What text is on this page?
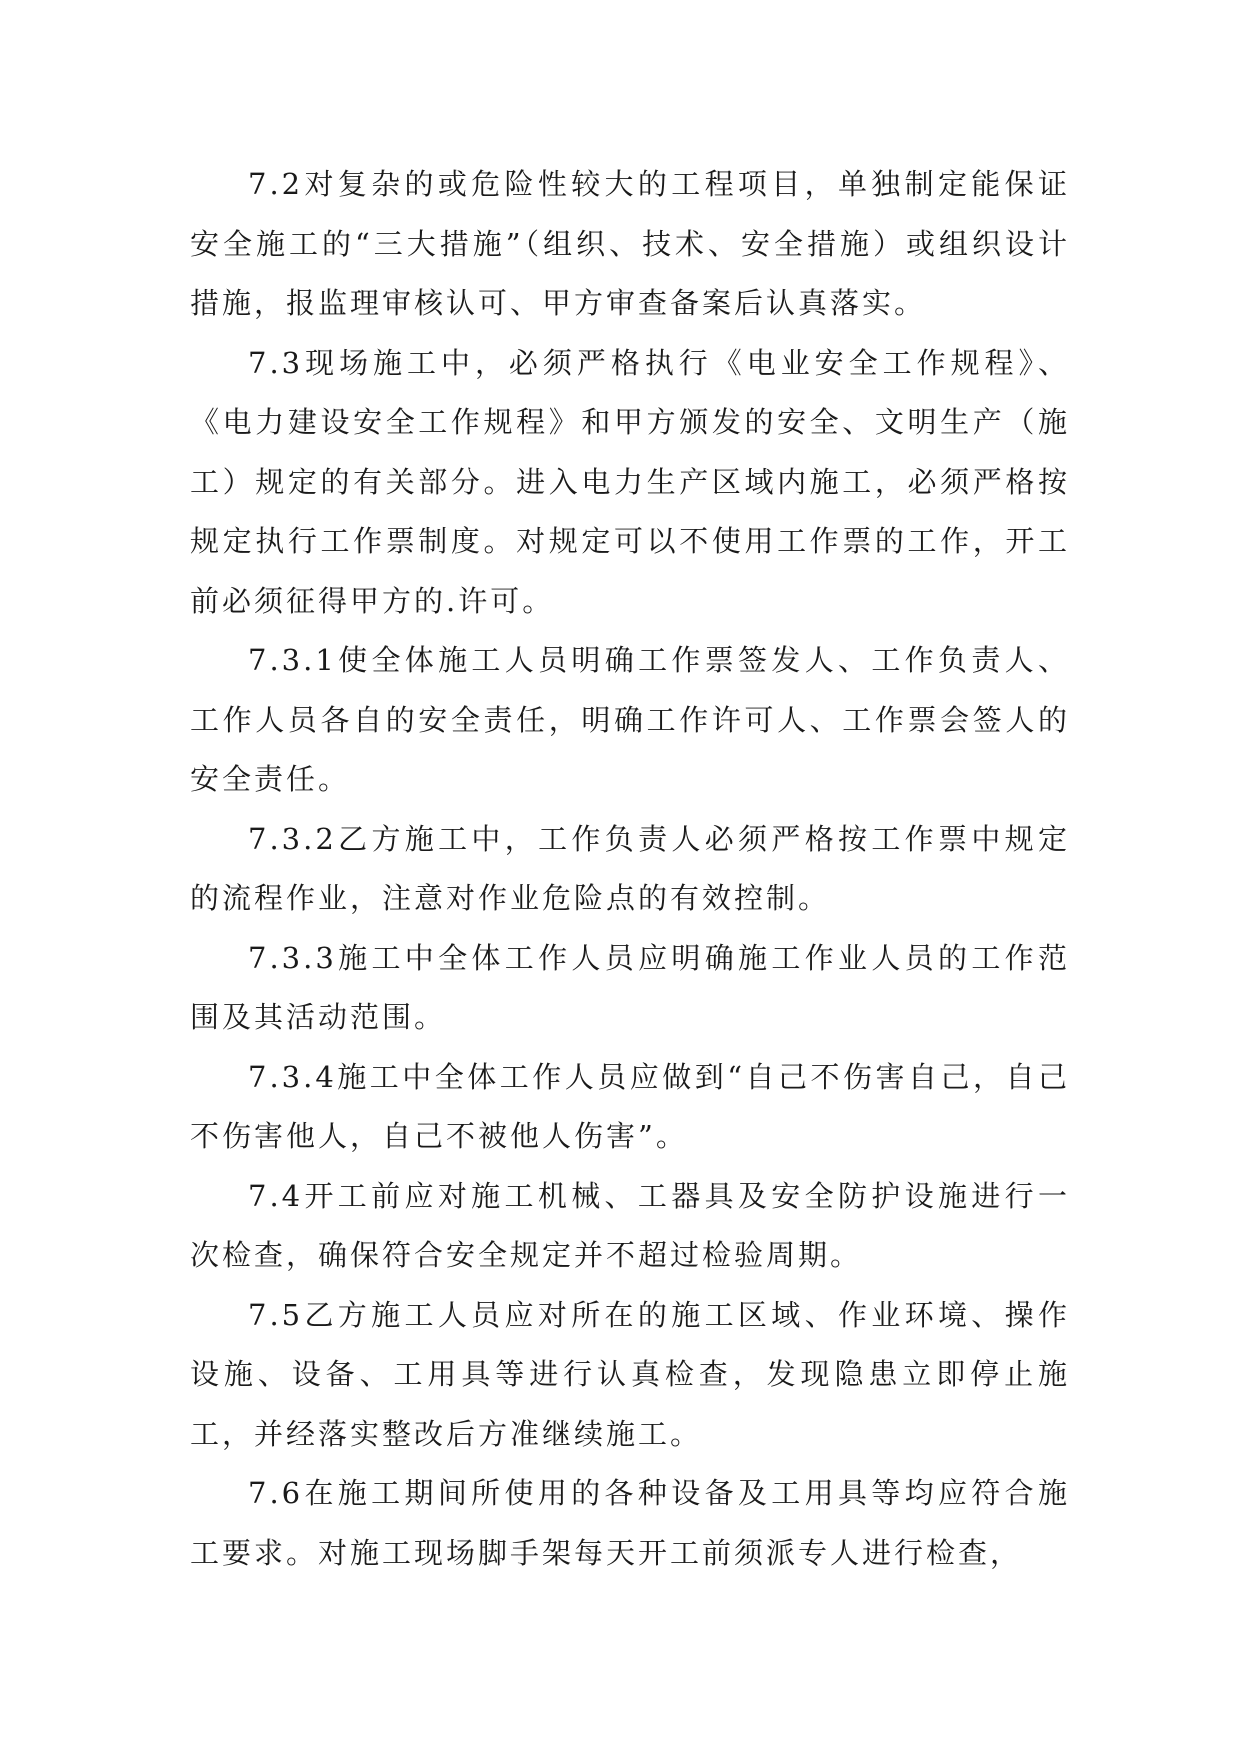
7.2对复杂的或危险性较大的工程项目，单独制定能保证安全施工的“三大措施”（组织、技术、安全措施）或组织设计措施，报监理审核认可、甲方审查备案后认真落实。

7.3现场施工中，必须严格执行《电业安全工作规程》、《电力建设安全工作规程》和甲方颁发的安全、文明生产（施工）规定的有关部分。进入电力生产区域内施工，必须严格按规定执行工作票制度。对规定可以不使用工作票的工作，开工前必须征得甲方的.许可。

7.3.1使全体施工人员明确工作票签发人、工作负责人、工作人员各自的安全责任，明确工作许可人、工作票会签人的安全责任。

7.3.2乙方施工中，工作负责人必须严格按工作票中规定的流程作业，注意对作业危险点的有效控制。

7.3.3施工中全体工作人员应明确施工作业人员的工作范围及其活动范围。

7.3.4施工中全体工作人员应做到“自己不伤害自己，自己不伤害他人，自己不被他人伤害”。

7.4开工前应对施工机械、工器具及安全防护设施进行一次检查，确保符合安全规定并不超过检验周期。

7.5乙方施工人员应对所在的施工区域、作业环境、操作设施、设备、工用具等进行认真检查，发现隐患立即停止施工，并经落实整改后方准继续施工。

7.6在施工期间所使用的各种设备及工用具等均应符合施工要求。对施工现场脚手架每天开工前须派专人进行检查，
